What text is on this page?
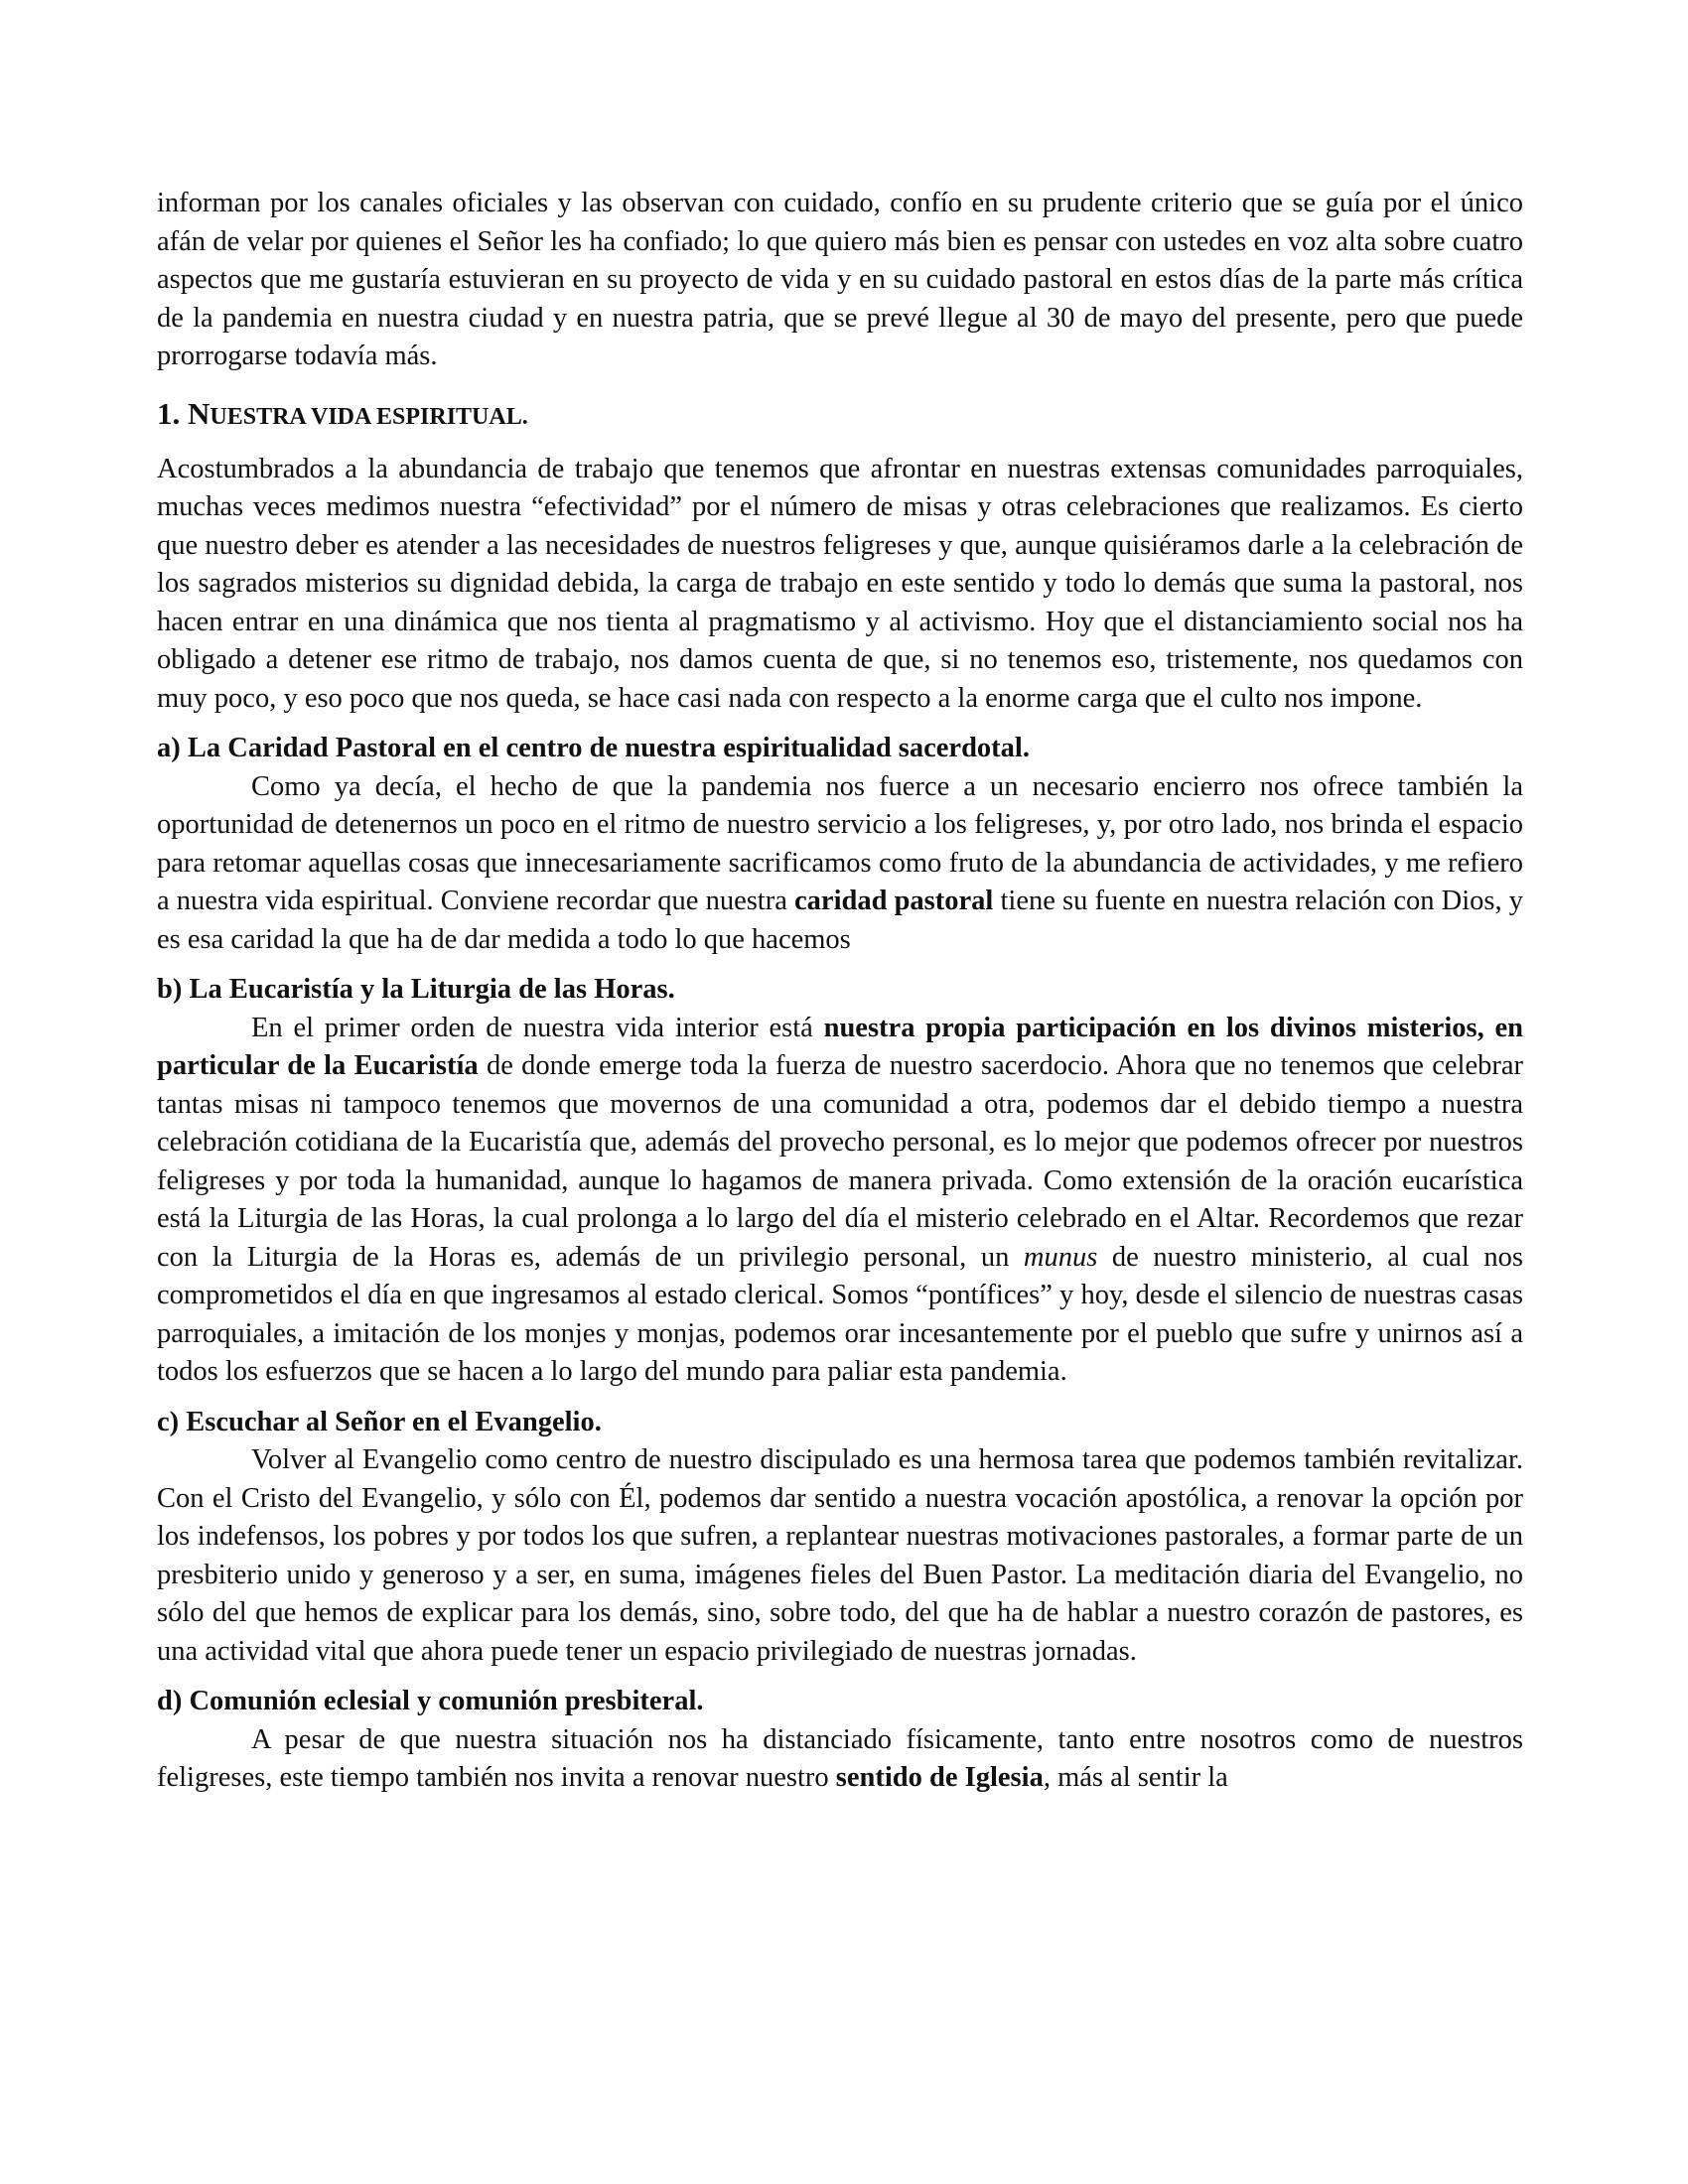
informan por los canales oficiales y las observan con cuidado, confío en su prudente criterio que se guía por el único afán de velar por quienes el Señor les ha confiado; lo que quiero más bien es pensar con ustedes en voz alta sobre cuatro aspectos que me gustaría estuvieran en su proyecto de vida y en su cuidado pastoral en estos días de la parte más crítica de la pandemia en nuestra ciudad y en nuestra patria, que se prevé llegue al 30 de mayo del presente, pero que puede prorrogarse todavía más.

1. NUESTRA VIDA ESPIRITUAL.

Acostumbrados a la abundancia de trabajo que tenemos que afrontar en nuestras extensas comunidades parroquiales, muchas veces medimos nuestra “efectividad” por el número de misas y otras celebraciones que realizamos. Es cierto que nuestro deber es atender a las necesidades de nuestros feligreses y que, aunque quisiéramos darle a la celebración de los sagrados misterios su dignidad debida, la carga de trabajo en este sentido y todo lo demás que suma la pastoral, nos hacen entrar en una dinámica que nos tienta al pragmatismo y al activismo. Hoy que el distanciamiento social nos ha obligado a detener ese ritmo de trabajo, nos damos cuenta de que, si no tenemos eso, tristemente, nos quedamos con muy poco, y eso poco que nos queda, se hace casi nada con respecto a la enorme carga que el culto nos impone.

a) La Caridad Pastoral en el centro de nuestra espiritualidad sacerdotal.

Como ya decía, el hecho de que la pandemia nos fuerce a un necesario encierro nos ofrece también la oportunidad de detenernos un poco en el ritmo de nuestro servicio a los feligreses, y, por otro lado, nos brinda el espacio para retomar aquellas cosas que innecesariamente sacrificamos como fruto de la abundancia de actividades, y me refiero a nuestra vida espiritual. Conviene recordar que nuestra caridad pastoral tiene su fuente en nuestra relación con Dios, y es esa caridad la que ha de dar medida a todo lo que hacemos

b) La Eucaristía y la Liturgia de las Horas.

En el primer orden de nuestra vida interior está nuestra propia participación en los divinos misterios, en particular de la Eucaristía de donde emerge toda la fuerza de nuestro sacerdocio. Ahora que no tenemos que celebrar tantas misas ni tampoco tenemos que movernos de una comunidad a otra, podemos dar el debido tiempo a nuestra celebración cotidiana de la Eucaristía que, además del provecho personal, es lo mejor que podemos ofrecer por nuestros feligreses y por toda la humanidad, aunque lo hagamos de manera privada. Como extensión de la oración eucarística está la Liturgia de las Horas, la cual prolonga a lo largo del día el misterio celebrado en el Altar. Recordemos que rezar con la Liturgia de la Horas es, además de un privilegio personal, un munus de nuestro ministerio, al cual nos comprometidos el día en que ingresamos al estado clerical. Somos “pontífices” y hoy, desde el silencio de nuestras casas parroquiales, a imitación de los monjes y monjas, podemos orar incesantemente por el pueblo que sufre y unirnos así a todos los esfuerzos que se hacen a lo largo del mundo para paliar esta pandemia.

c) Escuchar al Señor en el Evangelio.

Volver al Evangelio como centro de nuestro discipulado es una hermosa tarea que podemos también revitalizar. Con el Cristo del Evangelio, y sólo con Él, podemos dar sentido a nuestra vocación apostólica, a renovar la opción por los indefensos, los pobres y por todos los que sufren, a replantear nuestras motivaciones pastorales, a formar parte de un presbiterio unido y generoso y a ser, en suma, imágenes fieles del Buen Pastor. La meditación diaria del Evangelio, no sólo del que hemos de explicar para los demás, sino, sobre todo, del que ha de hablar a nuestro corazón de pastores, es una actividad vital que ahora puede tener un espacio privilegiado de nuestras jornadas.

d) Comunión eclesial y comunión presbiteral.

A pesar de que nuestra situación nos ha distanciado físicamente, tanto entre nosotros como de nuestros feligreses, este tiempo también nos invita a renovar nuestro sentido de Iglesia, más al sentir la
